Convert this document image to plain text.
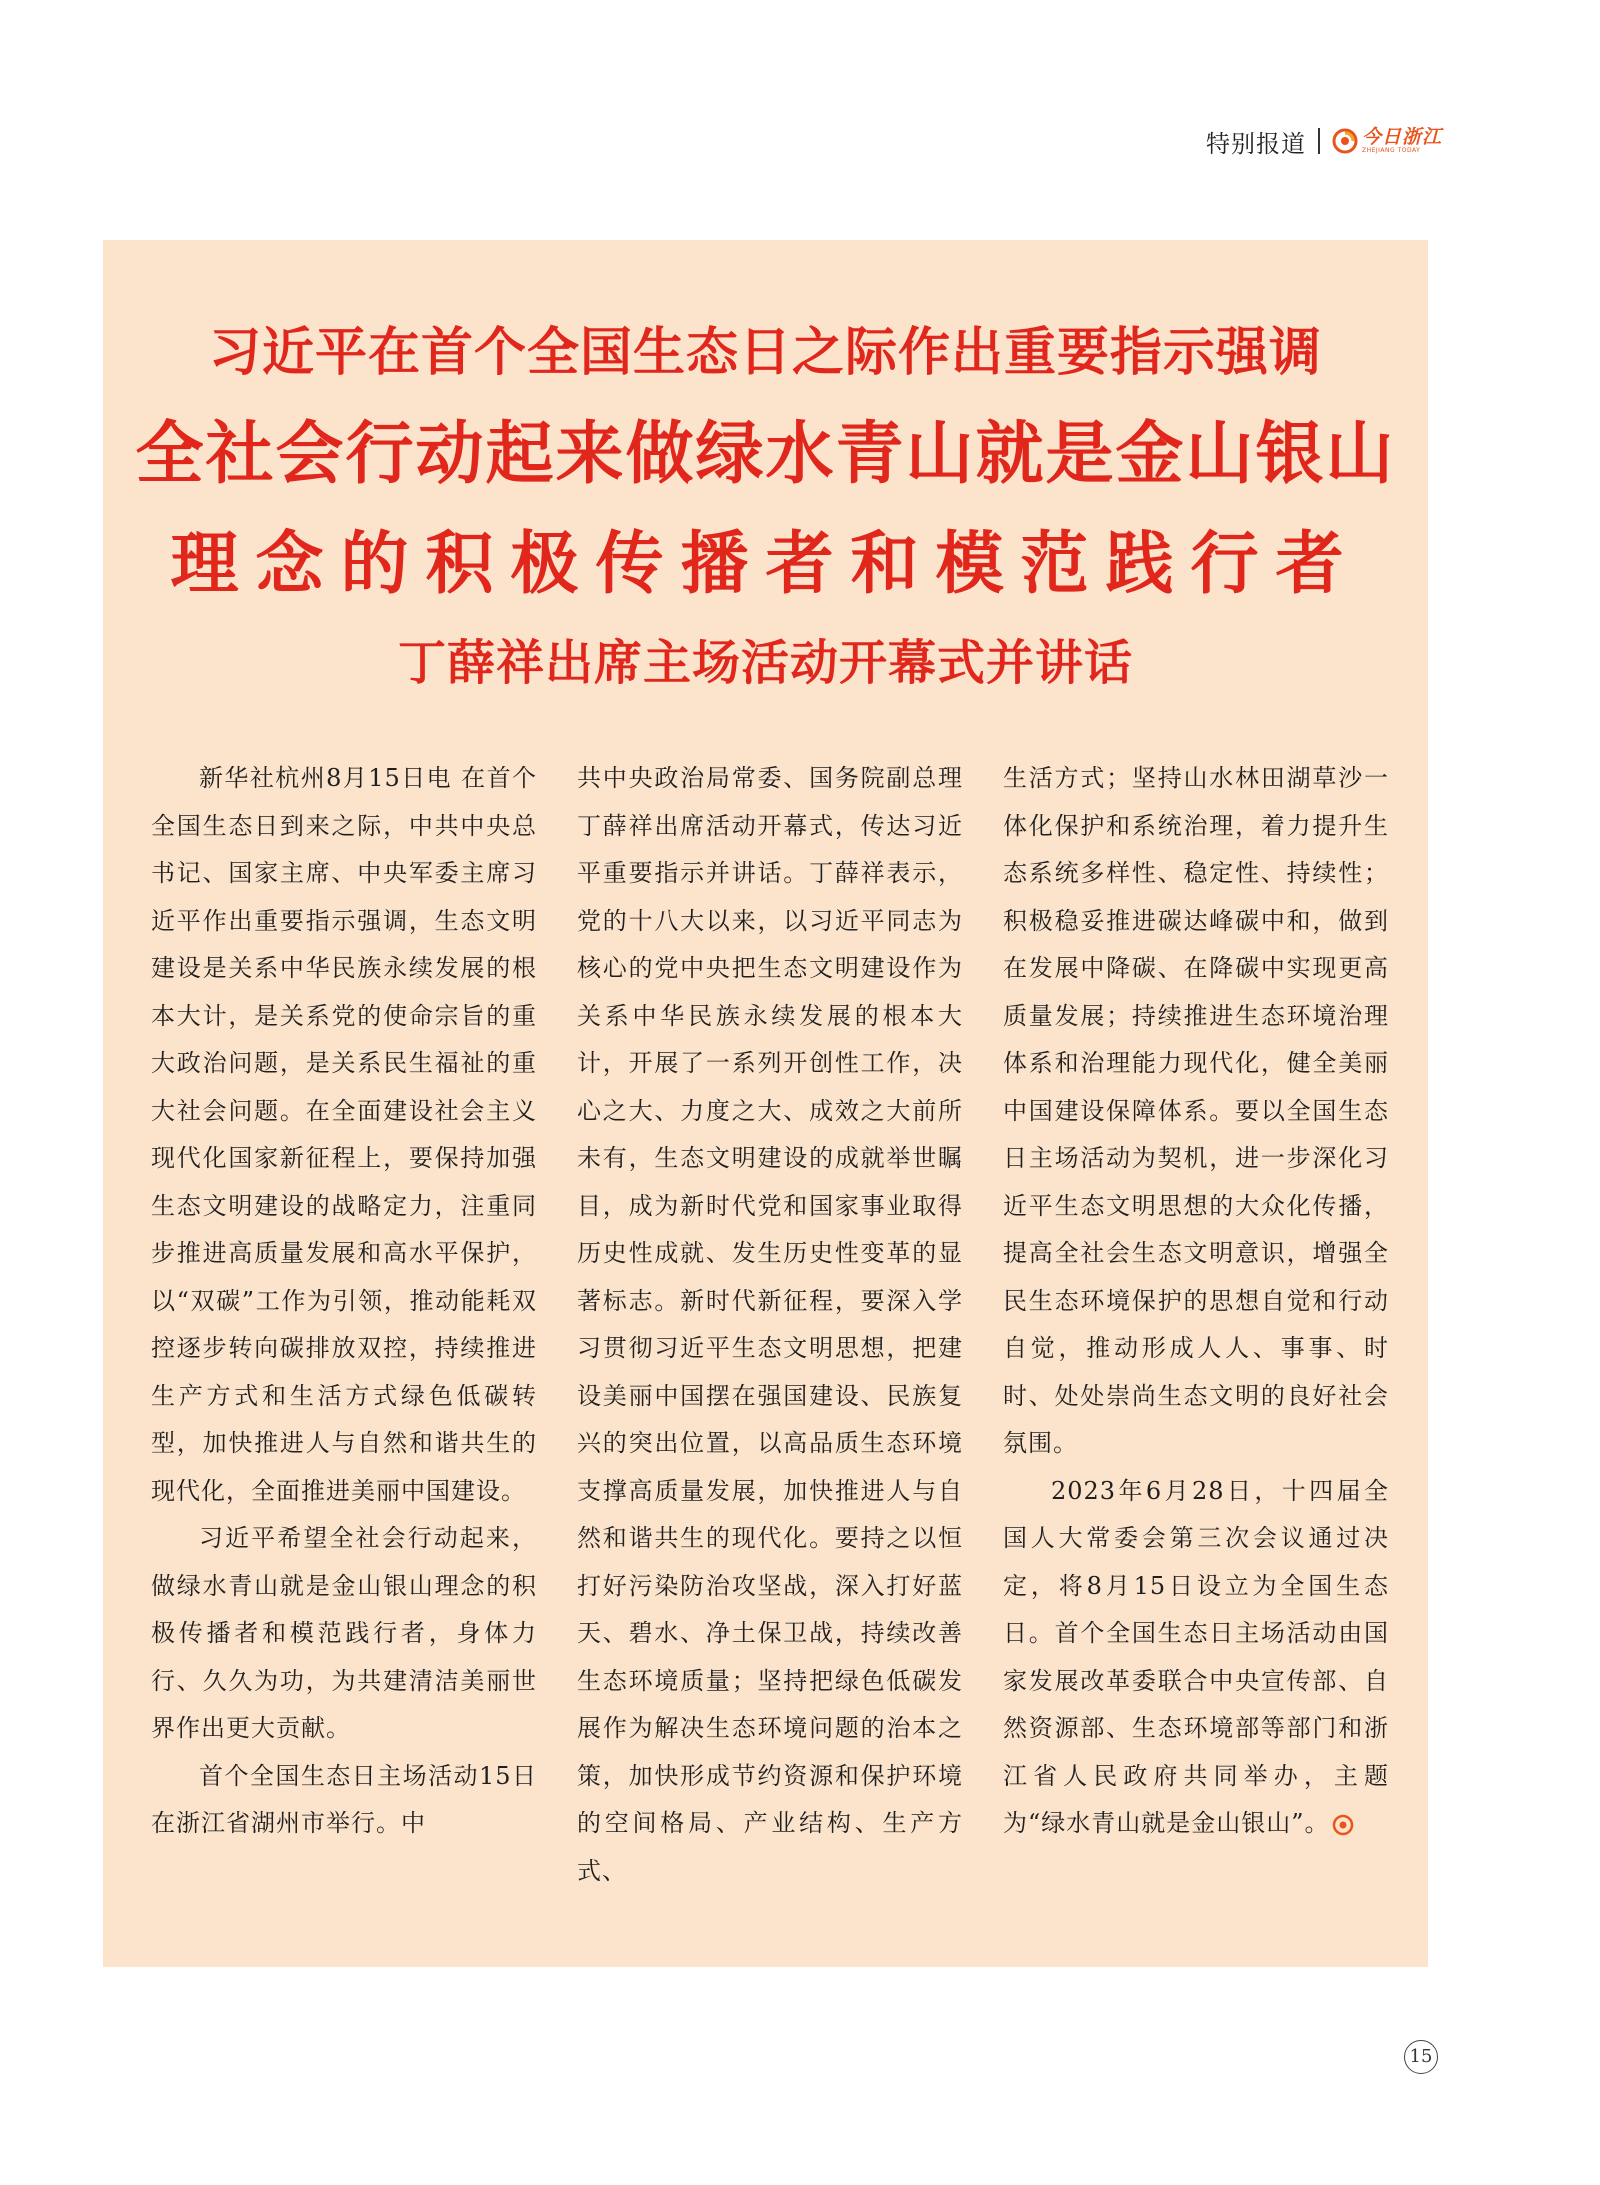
特别报道	今日浙江
ZHEJIANG TODAY
习近平在首个全国生态日之际作出重要指示强调
全社会行动起来做绿水青山就是金山银山
理念的积极传播者和模范践行者
丁薛祥出席主场活动开幕式并讲话

新华社杭州8月15日电 在首个全国生态日到来之际，中共中央总书记、国家主席、中央军委主席习近平作出重要指示强调，生态文明建设是关系中华民族永续发展的根本大计，是关系党的使命宗旨的重大政治问题，是关系民生福祉的重大社会问题。在全面建设社会主义现代化国家新征程上，要保持加强生态文明建设的战略定力，注重同步推进高质量发展和高水平保护，以“双碳”工作为引领，推动能耗双控逐步转向碳排放双控，持续推进生产方式和生活方式绿色低碳转型，加快推进人与自然和谐共生的现代化，全面推进美丽中国建设。

习近平希望全社会行动起来，做绿水青山就是金山银山理念的积极传播者和模范践行者，身体力行、久久为功，为共建清洁美丽世界作出更大贡献。

首个全国生态日主场活动15日在浙江省湖州市举行。中

共中央政治局常委、国务院副总理丁薛祥出席活动开幕式，传达习近平重要指示并讲话。丁薛祥表示，党的十八大以来，以习近平同志为核心的党中央把生态文明建设作为关系中华民族永续发展的根本大计，开展了一系列开创性工作，决心之大、力度之大、成效之大前所未有，生态文明建设的成就举世瞩目，成为新时代党和国家事业取得历史性成就、发生历史性变革的显著标志。新时代新征程，要深入学习贯彻习近平生态文明思想，把建设美丽中国摆在强国建设、民族复兴的突出位置，以高品质生态环境支撑高质量发展，加快推进人与自然和谐共生的现代化。要持之以恒打好污染防治攻坚战，深入打好蓝天、碧水、净土保卫战，持续改善生态环境质量；坚持把绿色低碳发展作为解决生态环境问题的治本之策，加快形成节约资源和保护环境的空间格局、产业结构、生产方式、

生活方式；坚持山水林田湖草沙一体化保护和系统治理，着力提升生态系统多样性、稳定性、持续性；积极稳妥推进碳达峰碳中和，做到在发展中降碳、在降碳中实现更高质量发展；持续推进生态环境治理体系和治理能力现代化，健全美丽中国建设保障体系。要以全国生态日主场活动为契机，进一步深化习近平生态文明思想的大众化传播，提高全社会生态文明意识，增强全民生态环境保护的思想自觉和行动自觉，推动形成人人、事事、时时、处处崇尚生态文明的良好社会氛围。

2023年6月28日，十四届全国人大常委会第三次会议通过决定，将8月15日设立为全国生态日。首个全国生态日主场活动由国家发展改革委联合中央宣传部、自然资源部、生态环境部等部门和浙江省人民政府共同举办，主题为“绿水青山就是金山银山”。

15
